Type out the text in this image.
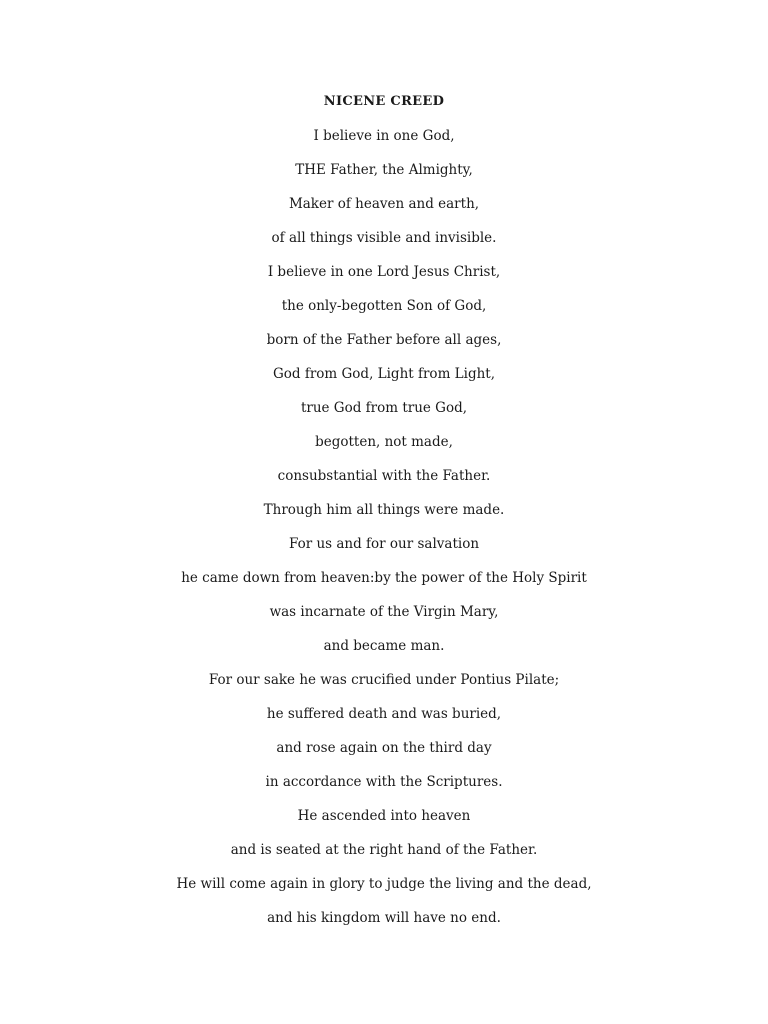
NICENE CREED
I believe in one God,
THE Father, the Almighty,
Maker of heaven and earth,
of all things visible and invisible.
I believe in one Lord Jesus Christ,
the only-begotten Son of God,
born of the Father before all ages,
God from God, Light from Light,
true God from true God,
begotten, not made,
consubstantial with the Father.
Through him all things were made.
For us and for our salvation
he came down from heaven:by the power of the Holy Spirit
was incarnate of the Virgin Mary,
and became man.
For our sake he was crucified under Pontius Pilate;
he suffered death and was buried,
and rose again on the third day
in accordance with the Scriptures.
He ascended into heaven
and is seated at the right hand of the Father.
He will come again in glory to judge the living and the dead,
and his kingdom will have no end.
